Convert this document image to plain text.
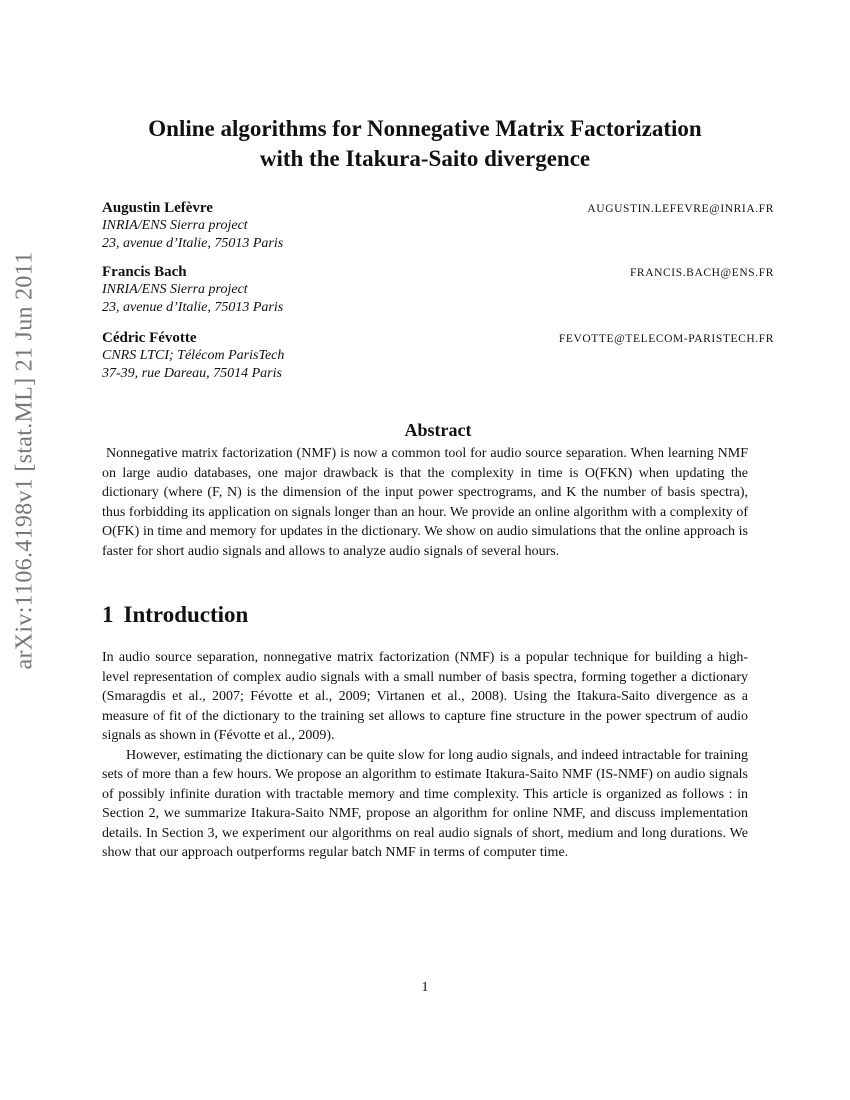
arXiv:1106.4198v1 [stat.ML] 21 Jun 2011
Online algorithms for Nonnegative Matrix Factorization
with the Itakura-Saito divergence
Augustin Lefèvre	AUGUSTIN.LEFEVRE@INRIA.FR
INRIA/ENS Sierra project
23, avenue d’Italie, 75013 Paris
Francis Bach	FRANCIS.BACH@ENS.FR
INRIA/ENS Sierra project
23, avenue d’Italie, 75013 Paris
Cédric Févotte	FEVOTTE@TELECOM-PARISTECH.FR
CNRS LTCI; Télécom ParisTech
37-39, rue Dareau, 75014 Paris
Abstract
Nonnegative matrix factorization (NMF) is now a common tool for audio source separation. When learning NMF on large audio databases, one major drawback is that the complexity in time is O(FKN) when updating the dictionary (where (F, N) is the dimension of the input power spectrograms, and K the number of basis spectra), thus forbidding its application on signals longer than an hour. We provide an online algorithm with a complexity of O(FK) in time and memory for updates in the dictionary. We show on audio simulations that the online approach is faster for short audio signals and allows to analyze audio signals of several hours.
1 Introduction

In audio source separation, nonnegative matrix factorization (NMF) is a popular technique for building a high-level representation of complex audio signals with a small number of basis spectra, forming together a dictionary (Smaragdis et al., 2007; Févotte et al., 2009; Virtanen et al., 2008). Using the Itakura-Saito divergence as a measure of fit of the dictionary to the training set allows to capture fine structure in the power spectrum of audio signals as shown in (Févotte et al., 2009).

However, estimating the dictionary can be quite slow for long audio signals, and indeed intractable for training sets of more than a few hours. We propose an algorithm to estimate Itakura-Saito NMF (IS-NMF) on audio signals of possibly infinite duration with tractable memory and time complexity. This article is organized as follows : in Section 2, we summarize Itakura-Saito NMF, propose an algorithm for online NMF, and discuss implementation details. In Section 3, we experiment our algorithms on real audio signals of short, medium and long durations. We show that our approach outperforms regular batch NMF in terms of computer time.

1
